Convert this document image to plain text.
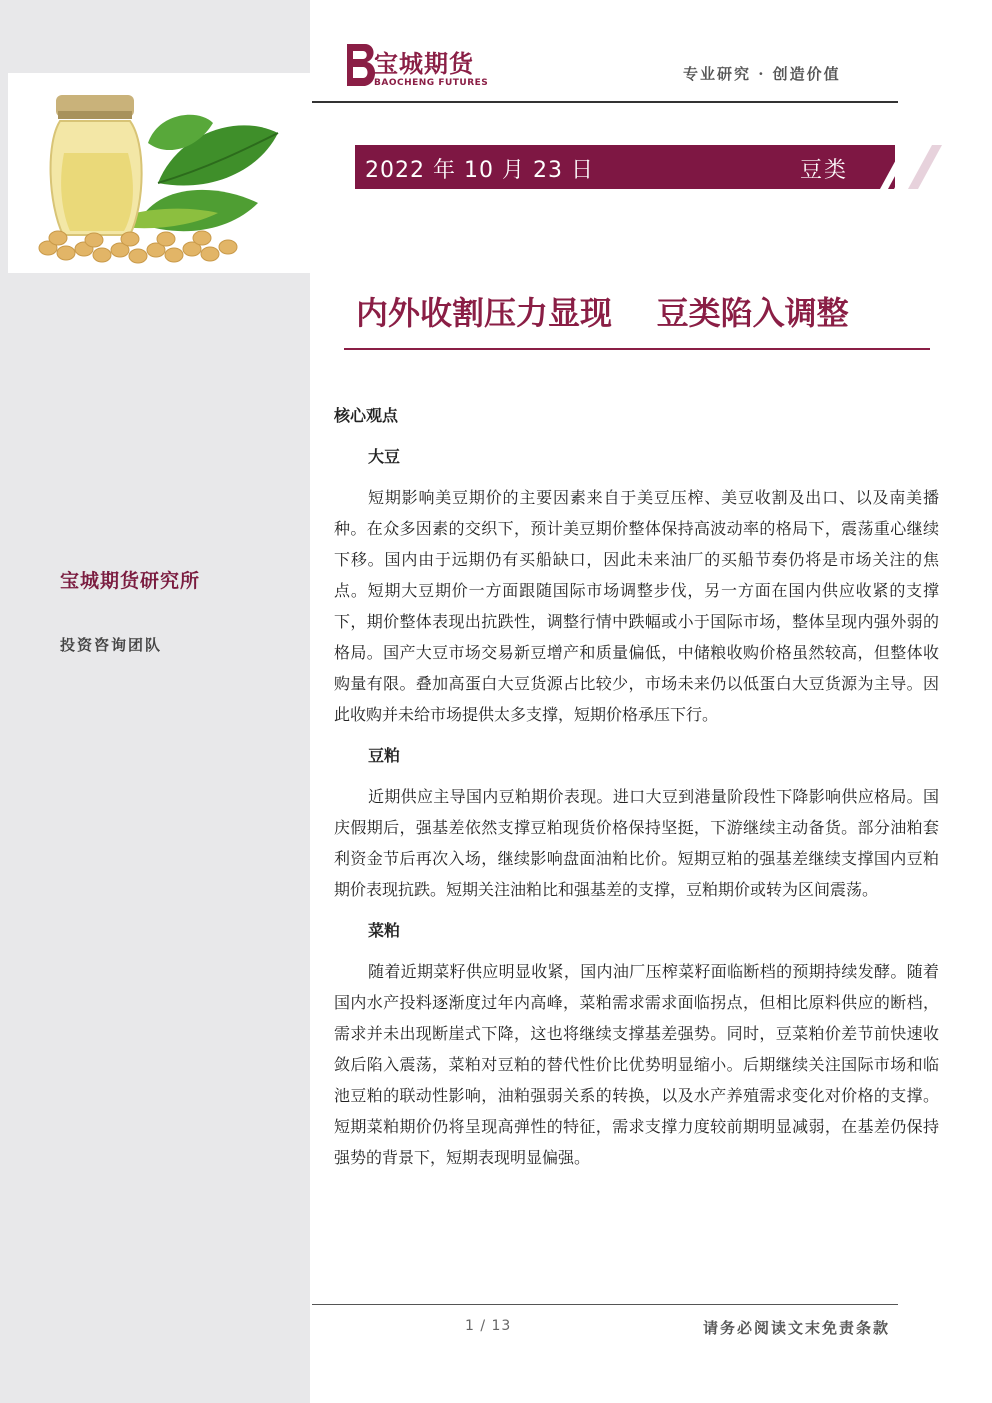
宝城期货研究所
投资咨询团队
宝城期货
BAOCHENG FUTURES	专业研究 · 创造价值
2022 年 10 月 23 日	豆类
内外收割压力显现    豆类陷入调整
核心观点
大豆

短期影响美豆期价的主要因素来自于美豆压榨、美豆收割及出口、以及南美播种。在众多因素的交织下，预计美豆期价整体保持高波动率的格局下，震荡重心继续下移。国内由于远期仍有买船缺口，因此未来油厂的买船节奏仍将是市场关注的焦点。短期大豆期价一方面跟随国际市场调整步伐，另一方面在国内供应收紧的支撑下，期价整体表现出抗跌性，调整行情中跌幅或小于国际市场，整体呈现内强外弱的格局。国产大豆市场交易新豆增产和质量偏低，中储粮收购价格虽然较高，但整体收购量有限。叠加高蛋白大豆货源占比较少，市场未来仍以低蛋白大豆货源为主导。因此收购并未给市场提供太多支撑，短期价格承压下行。

豆粕

近期供应主导国内豆粕期价表现。进口大豆到港量阶段性下降影响供应格局。国庆假期后，强基差依然支撑豆粕现货价格保持坚挺，下游继续主动备货。部分油粕套利资金节后再次入场，继续影响盘面油粕比价。短期豆粕的强基差继续支撑国内豆粕期价表现抗跌。短期关注油粕比和强基差的支撑，豆粕期价或转为区间震荡。

菜粕

随着近期菜籽供应明显收紧，国内油厂压榨菜籽面临断档的预期持续发酵。随着国内水产投料逐渐度过年内高峰，菜粕需求需求面临拐点，但相比原料供应的断档，需求并未出现断崖式下降，这也将继续支撑基差强势。同时，豆菜粕价差节前快速收敛后陷入震荡，菜粕对豆粕的替代性价比优势明显缩小。后期继续关注国际市场和临池豆粕的联动性影响，油粕强弱关系的转换，以及水产养殖需求变化对价格的支撑。短期菜粕期价仍将呈现高弹性的特征，需求支撑力度较前期明显减弱，在基差仍保持强势的背景下，短期表现明显偏强。

1 / 13	请务必阅读文末免责条款
